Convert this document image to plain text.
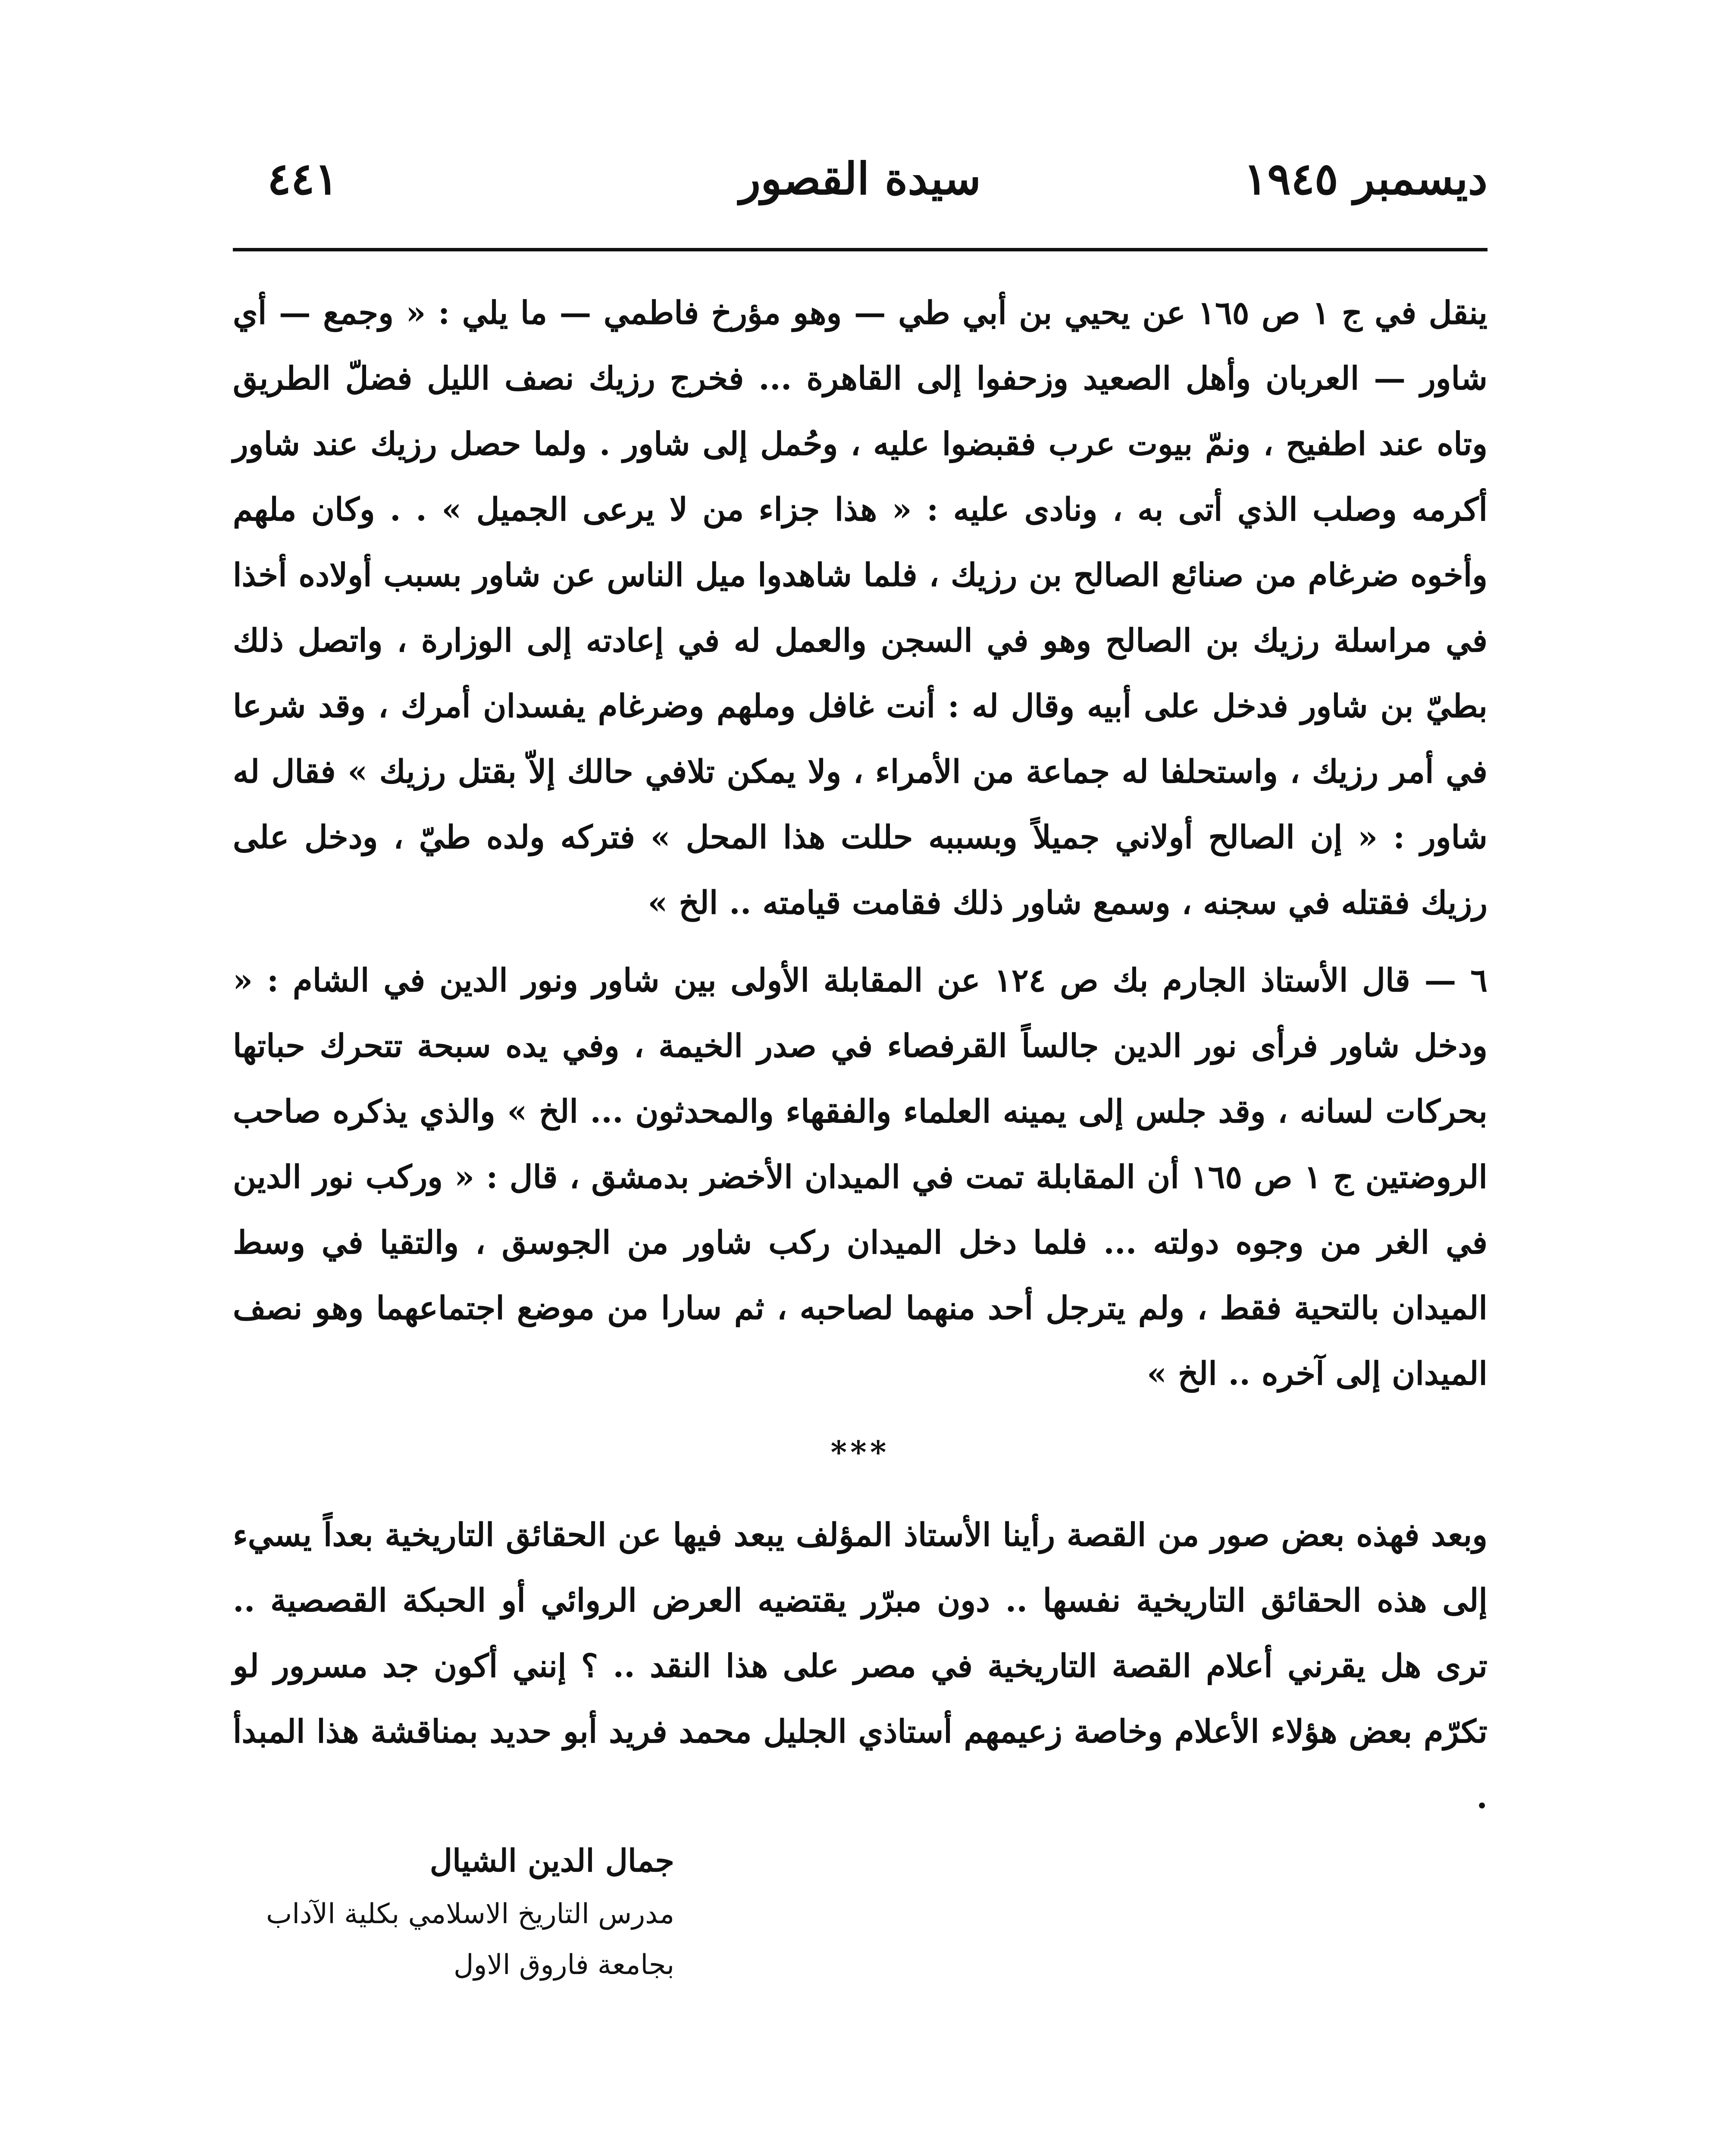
ديسمبر ١٩٤٥
سيدة القصور
٤٤١

ينقل في ج ١ ص ١٦٥ عن يحيي بن أبي طي — وهو مؤرخ فاطمي — ما يلي : « وجمع — أي شاور — العربان وأهل الصعيد وزحفوا إلى القاهرة ... فخرج رزيك نصف الليل فضلّ الطريق وتاه عند اطفيح ، ونمّ بيوت عرب فقبضوا عليه ، وحُمل إلى شاور . ولما حصل رزيك عند شاور أكرمه وصلب الذي أتى به ، ونادى عليه : « هذا جزاء من لا يرعى الجميل » . . وكان ملهم وأخوه ضرغام من صنائع الصالح بن رزيك ، فلما شاهدوا ميل الناس عن شاور بسبب أولاده أخذا في مراسلة رزيك بن الصالح وهو في السجن والعمل له في إعادته إلى الوزارة ، واتصل ذلك بطيّ بن شاور فدخل على أبيه وقال له : أنت غافل وملهم وضرغام يفسدان أمرك ، وقد شرعا في أمر رزيك ، واستحلفا له جماعة من الأمراء ، ولا يمكن تلافي حالك إلاّ بقتل رزيك » فقال له شاور : « إن الصالح أولاني جميلاً وبسببه حللت هذا المحل » فتركه ولده طيّ ، ودخل على رزيك فقتله في سجنه ، وسمع شاور ذلك فقامت قيامته .. الخ »

٦ — قال الأستاذ الجارم بك ص ١٢٤ عن المقابلة الأولى بين شاور ونور الدين في الشام : « ودخل شاور فرأى نور الدين جالساً القرفصاء في صدر الخيمة ، وفي يده سبحة تتحرك حباتها بحركات لسانه ، وقد جلس إلى يمينه العلماء والفقهاء والمحدثون ... الخ » والذي يذكره صاحب الروضتين ج ١ ص ١٦٥ أن المقابلة تمت في الميدان الأخضر بدمشق ، قال : « وركب نور الدين في الغر من وجوه دولته ... فلما دخل الميدان ركب شاور من الجوسق ، والتقيا في وسط الميدان بالتحية فقط ، ولم يترجل أحد منهما لصاحبه ، ثم سارا من موضع اجتماعهما وهو نصف الميدان إلى آخره .. الخ »

***

وبعد فهذه بعض صور من القصة رأينا الأستاذ المؤلف يبعد فيها عن الحقائق التاريخية بعداً يسيء إلى هذه الحقائق التاريخية نفسها .. دون مبرّر يقتضيه العرض الروائي أو الحبكة القصصية .. ترى هل يقرني أعلام القصة التاريخية في مصر على هذا النقد .. ؟ إنني أكون جد مسرور لو تكرّم بعض هؤلاء الأعلام وخاصة زعيمهم أستاذي الجليل محمد فريد أبو حديد بمناقشة هذا المبدأ .

جمال الدين الشيال
مدرس التاريخ الاسلامي بكلية الآداب
بجامعة فاروق الاول
